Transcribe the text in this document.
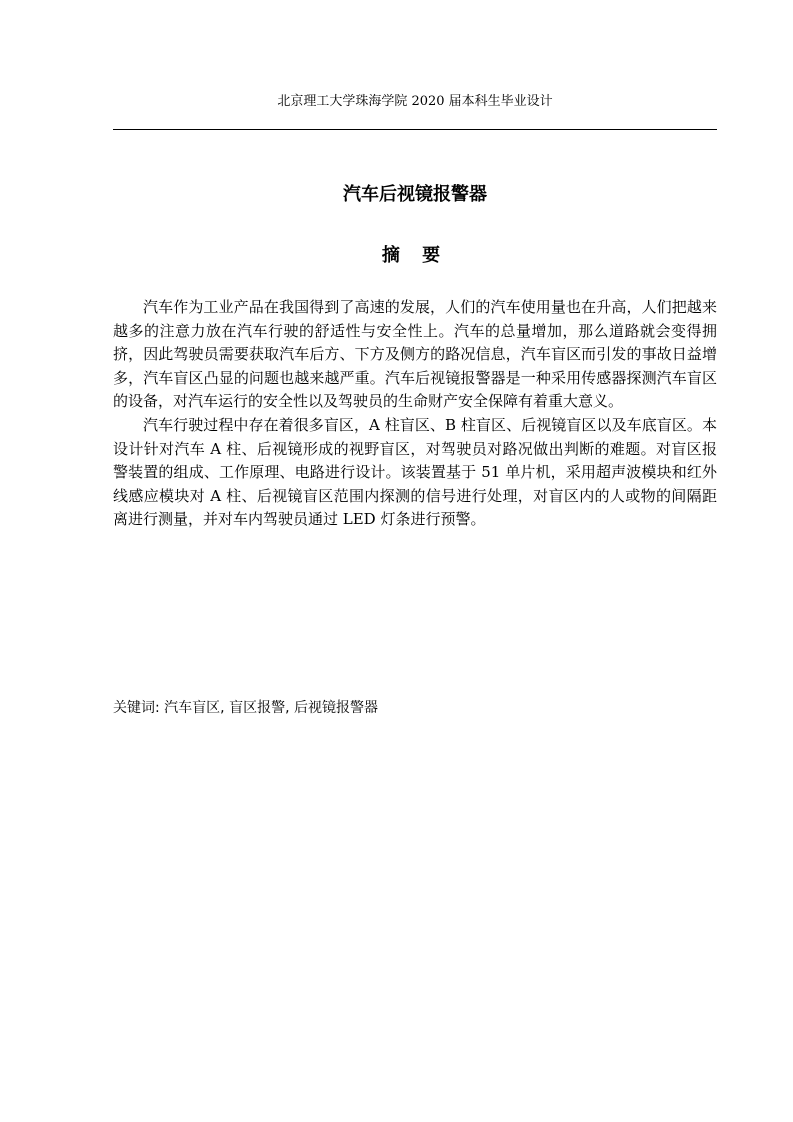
北京理工大学珠海学院 2020 届本科生毕业设计
汽车后视镜报警器
摘 要

汽车作为工业产品在我国得到了高速的发展，人们的汽车使用量也在升高，人们把越来越多的注意力放在汽车行驶的舒适性与安全性上。汽车的总量增加，那么道路就会变得拥挤，因此驾驶员需要获取汽车后方、下方及侧方的路况信息，汽车盲区而引发的事故日益增多，汽车盲区凸显的问题也越来越严重。汽车后视镜报警器是一种采用传感器探测汽车盲区的设备，对汽车运行的安全性以及驾驶员的生命财产安全保障有着重大意义。

汽车行驶过程中存在着很多盲区，A 柱盲区、B 柱盲区、后视镜盲区以及车底盲区。本设计针对汽车 A 柱、后视镜形成的视野盲区，对驾驶员对路况做出判断的难题。对盲区报警装置的组成、工作原理、电路进行设计。该装置基于 51 单片机，采用超声波模块和红外线感应模块对 A 柱、后视镜盲区范围内探测的信号进行处理，对盲区内的人或物的间隔距离进行测量，并对车内驾驶员通过 LED 灯条进行预警。

关键词: 汽车盲区, 盲区报警, 后视镜报警器
